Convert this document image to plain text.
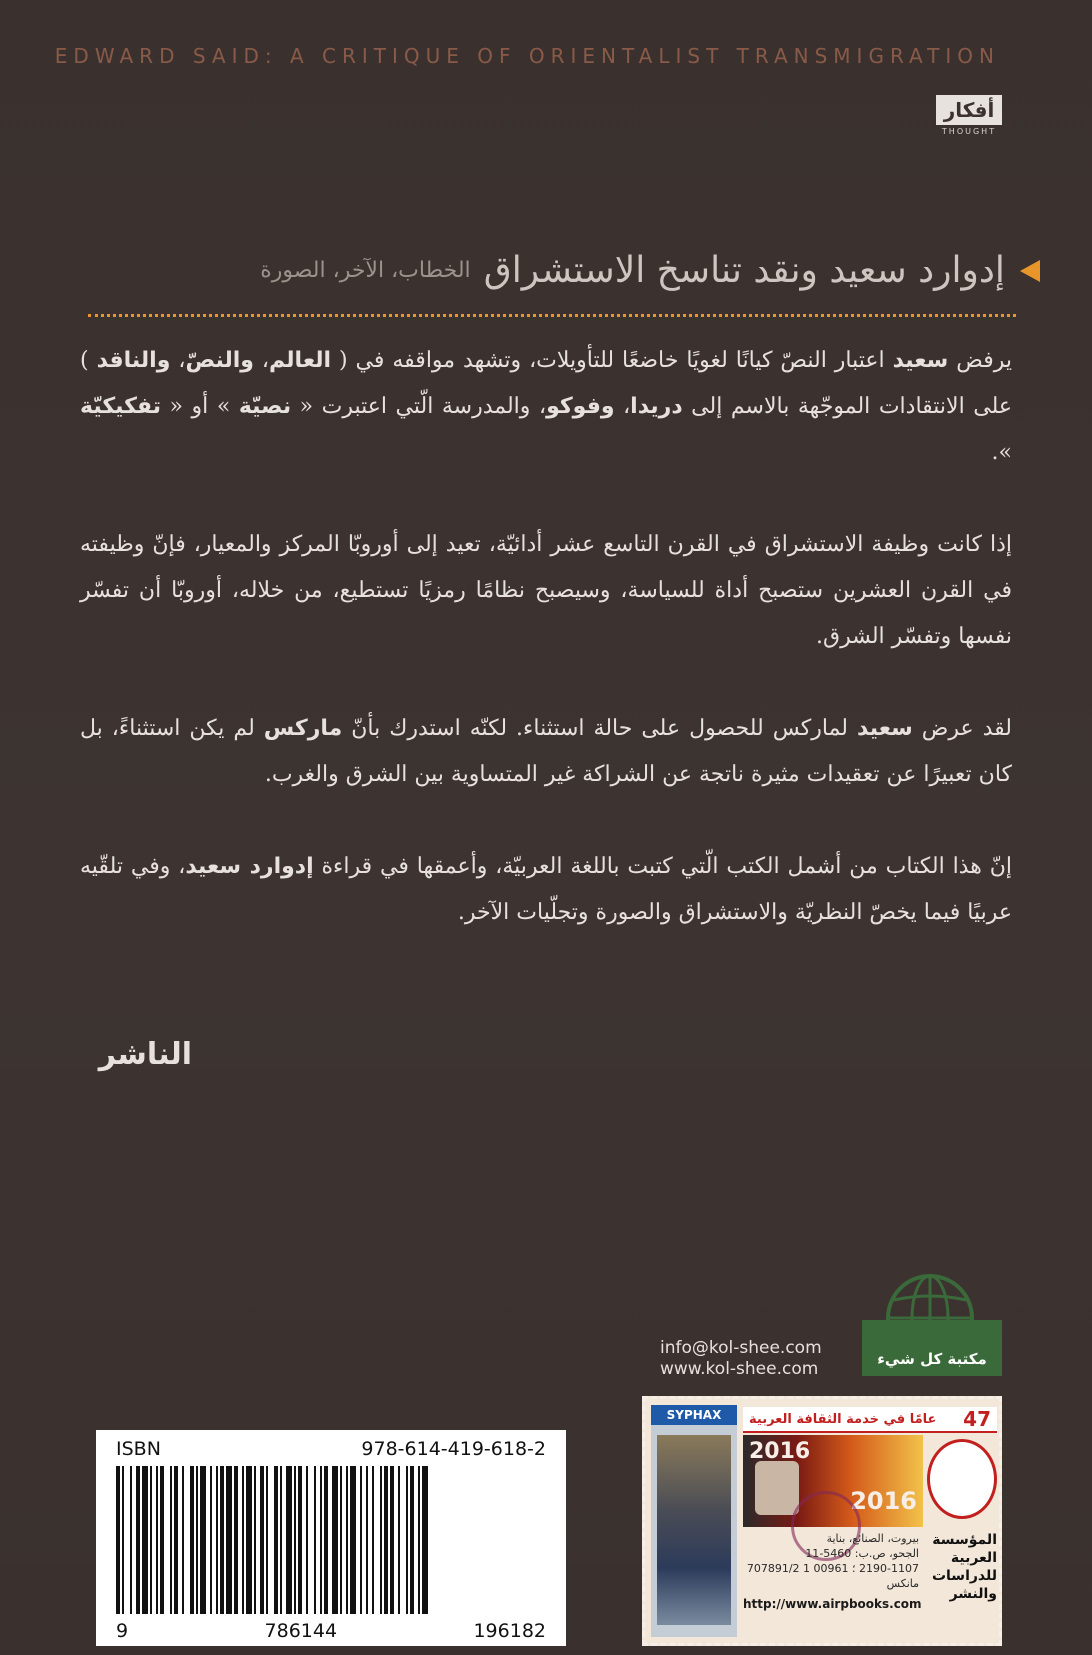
EDWARD SAID: A CRITIQUE OF ORIENTALIST TRANSMIGRATION
أفكار
THOUGHT
إدوارد سعيد ونقد تناسخ الاستشراق الخطاب، الآخر، الصورة

يرفض سعيد اعتبار النصّ كيانًا لغويًا خاضعًا للتأويلات، وتشهد مواقفه في ( العالم، والنصّ، والناقد ) على الانتقادات الموجّهة بالاسم إلى دريدا، وفوكو، والمدرسة الّتي اعتبرت « نصيّة » أو « تفكيكيّة ».

إذا كانت وظيفة الاستشراق في القرن التاسع عشر أدائيّة، تعيد إلى أوروبّا المركز والمعيار، فإنّ وظيفته في القرن العشرين ستصبح أداة للسياسة، وسيصبح نظامًا رمزيًا تستطيع، من خلاله، أوروبّا أن تفسّر نفسها وتفسّر الشرق.

لقد عرض سعيد لماركس للحصول على حالة استثناء. لكنّه استدرك بأنّ ماركس لم يكن استثناءً، بل كان تعبيرًا عن تعقيدات مثيرة ناتجة عن الشراكة غير المتساوية بين الشرق والغرب.

إنّ هذا الكتاب من أشمل الكتب الّتي كتبت باللغة العربيّة، وأعمقها في قراءة إدوارد سعيد، وفي تلقّيه عربيًا فيما يخصّ النظريّة والاستشراق والصورة وتجلّيات الآخر.

الناشر
مكتبة كل شيء
info@kol-shee.com
www.kol-shee.com
ISBN	978-614-419-618-2
9	786144	196182
SYPHAX	47
عامًا في خدمة الثقافة العربية
2016
2016
بيروت، الصنائع، بناية
الجحو، ص.ب: 5460-11
2190-1107 ؛ 00961 1 707891/2
مانكس
http://www.airpbooks.com
المؤسسة
العربية
للدراسات
والنشر
